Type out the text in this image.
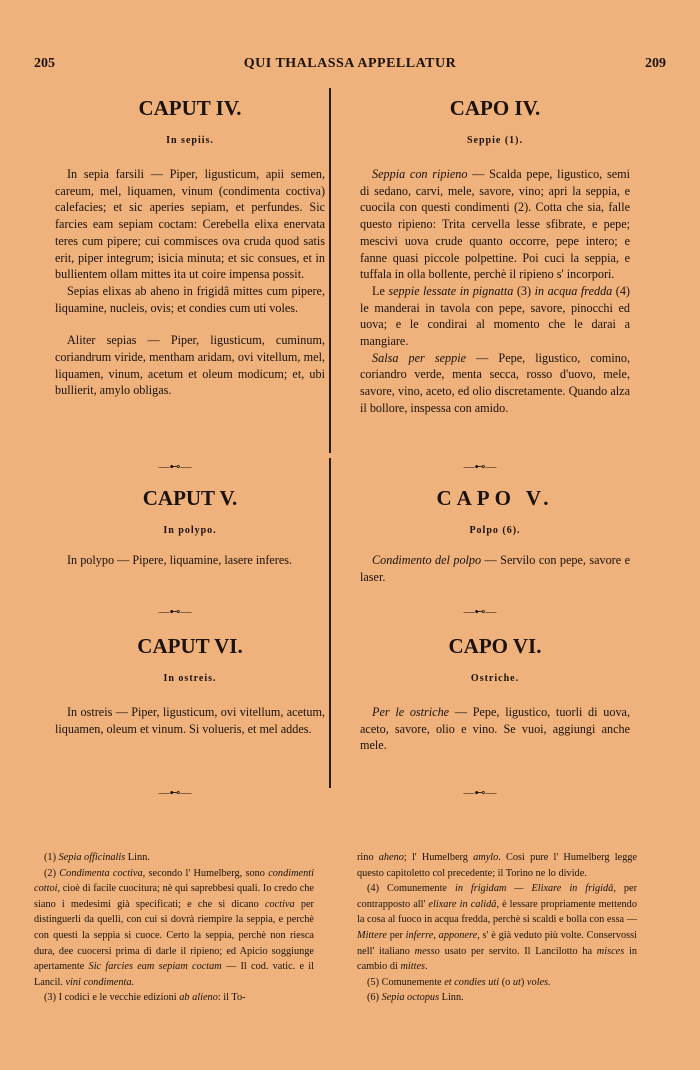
205	QUI THALASSA APPELLATUR	209
CAPUT IV.
In sepiis.

In sepia farsili — Piper, ligusticum, apii semen, careum, mel, liquamen, vinum (condimenta coctiva) calefacies; et sic aperies sepiam, et perfundes. Sic farcies eam sepiam coctam: Cerebella elixa enervata teres cum pipere; cui commisces ova cruda quod satis erit, piper integrum; isicia minuta; et sic consues, et in bullientem ollam mittes ita ut coire impensa possit.

Sepias elixas ab aheno in frigidâ mittes cum pipere, liquamine, nucleis, ovis; et condies cum uti voles.

Aliter sepias — Piper, ligusticum, cuminum, coriandrum viride, mentham aridam, ovi vitellum, mel, liquamen, vinum, acetum et oleum modicum; et, ubi bullierit, amylo obligas.

—⊷—
CAPUT V.
In polypo.

In polypo — Pipere, liquamine, lasere inferes.

—⊷—
CAPUT VI.
In ostreis.

In ostreis — Piper, ligusticum, ovi vitellum, acetum, liquamen, oleum et vinum. Si volueris, et mel addes.

—⊷—
CAPO IV.
Seppie (1).

Seppia con ripieno — Scalda pepe, ligustico, semi di sedano, carvi, mele, savore, vino; apri la seppia, e cuocila con questi condimenti (2). Cotta che sia, falle questo ripieno: Trita cervella lesse sfibrate, e pepe; mescivi uova crude quanto occorre, pepe intero; e fanne quasi piccole polpettine. Poi cuci la seppia, e tuffala in olla bollente, perchè il ripieno s' incorpori.

Le seppie lessate in pignatta (3) in acqua fredda (4) le manderai in tavola con pepe, savore, pinocchi ed uova; e le condirai al momento che le darai a mangiare.

Salsa per seppie — Pepe, ligustico, comino, coriandro verde, menta secca, rosso d'uovo, mele, savore, vino, aceto, ed olio discretamente. Quando alza il bollore, inspessa con amido.

—⊷—
CAPO V.
Polpo (6).

Condimento del polpo — Servilo con pepe, savore e laser.

—⊷—
CAPO VI.
Ostriche.

Per le ostriche — Pepe, ligustico, tuorli di uova, aceto, savore, olio e vino. Se vuoi, aggiungi anche mele.

—⊷—

(1) Sepia officinalis Linn.

(2) Condimenta coctiva, secondo l' Humelberg, sono condimenti cottoi, cioè di facile cuocitura; nè qui saprebbesi quali. Io credo che siano i medesimi già specificati; e che si dicano coctiva per distinguerli da quelli, con cui si dovrà riempire la seppia, e perchè con questi la seppia si cuoce. Certo la seppia, perchè non riesca dura, dee cuocersi prima di darle il ripieno; ed Apicio soggiunge apertamente Sic farcies eam sepiam coctam — Il cod. vatic. e il Lancil. vini condimenta.

(3) I codici e le vecchie edizioni ab alieno: il To-

rino aheno; l' Humelberg amylo. Così pure l' Humelberg legge questo capitoletto col precedente; il Torino ne lo divide.

(4) Comunemente in frigidam — Elixare in frigidâ, per contrapposto all' elixare in calidâ, è lessare propriamente mettendo la cosa al fuoco in acqua fredda, perchè si scaldi e bolla con essa — Mittere per inferre, apponere, s' è già veduto più volte. Conservossi nell' italiano messo usato per servito. Il Lancilotto ha misces in cambio di mittes.

(5) Comunemente et condies uti (o ut) voles.

(6) Sepia octopus Linn.
